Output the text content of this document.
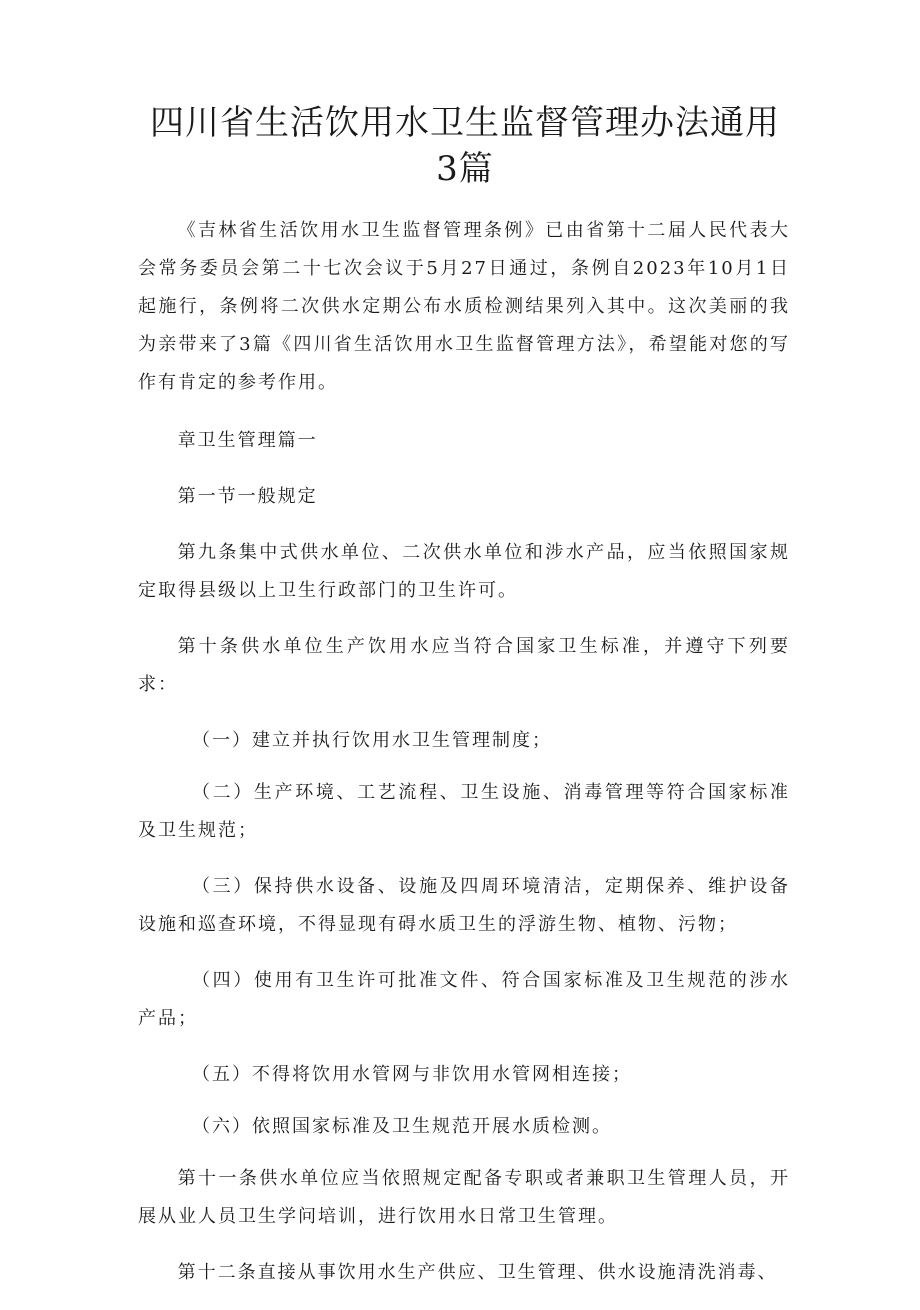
四川省生活饮用水卫生监督管理办法通用3篇

《吉林省生活饮用水卫生监督管理条例》已由省第十二届人民代表大会常务委员会第二十七次会议于5月27日通过，条例自2023年10月1日起施行，条例将二次供水定期公布水质检测结果列入其中。这次美丽的我为亲带来了3篇《四川省生活饮用水卫生监督管理方法》，希望能对您的写作有肯定的参考作用。

章卫生管理篇一

第一节一般规定

第九条集中式供水单位、二次供水单位和涉水产品，应当依照国家规定取得县级以上卫生行政部门的卫生许可。

第十条供水单位生产饮用水应当符合国家卫生标准，并遵守下列要求：

（一）建立并执行饮用水卫生管理制度；

（二）生产环境、工艺流程、卫生设施、消毒管理等符合国家标准及卫生规范；

（三）保持供水设备、设施及四周环境清洁，定期保养、维护设备设施和巡查环境，不得显现有碍水质卫生的浮游生物、植物、污物；

（四）使用有卫生许可批准文件、符合国家标准及卫生规范的涉水产品；

（五）不得将饮用水管网与非饮用水管网相连接；

（六）依照国家标准及卫生规范开展水质检测。

第十一条供水单位应当依照规定配备专职或者兼职卫生管理人员，开展从业人员卫生学问培训，进行饮用水日常卫生管理。

第十二条直接从事饮用水生产供应、卫生管理、供水设施清洗消毒、
